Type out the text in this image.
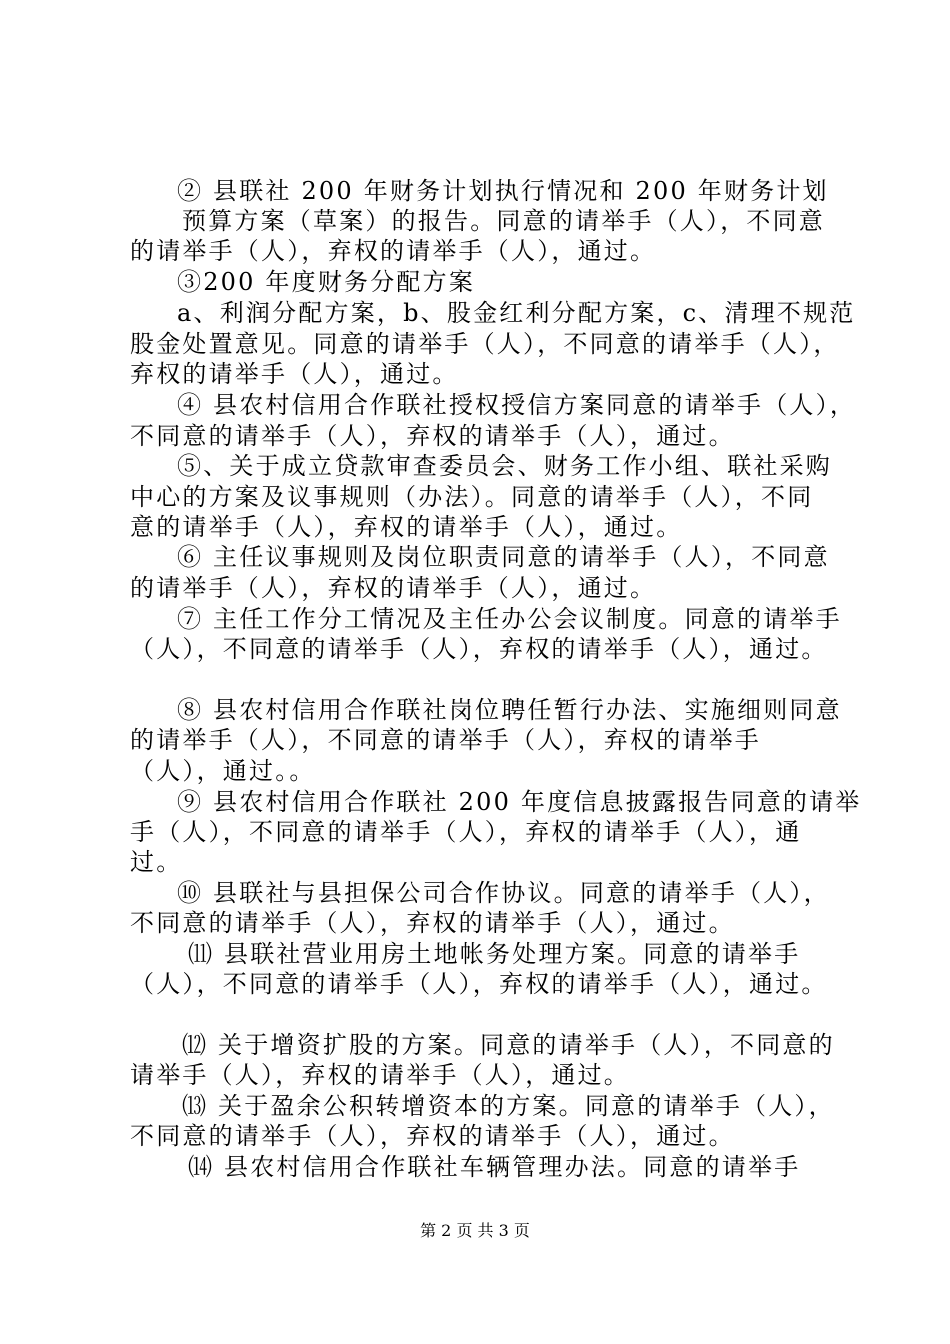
② 县联社 200 年财务计划执行情况和 200 年财务计划
预算方案（草案）的报告。同意的请举手（人），不同意
的请举手（人），弃权的请举手（人），通过。
③200 年度财务分配方案
a、利润分配方案，b、股金红利分配方案，c、清理不规范
股金处置意见。同意的请举手（人），不同意的请举手（人），
弃权的请举手（人），通过。
④ 县农村信用合作联社授权授信方案同意的请举手（人），
不同意的请举手（人），弃权的请举手（人），通过。
⑤、关于成立贷款审查委员会、财务工作小组、联社采购
中心的方案及议事规则（办法）。同意的请举手（人），不同
意的请举手（人），弃权的请举手（人），通过。
⑥ 主任议事规则及岗位职责同意的请举手（人），不同意
的请举手（人），弃权的请举手（人），通过。
⑦ 主任工作分工情况及主任办公会议制度。同意的请举手
（人），不同意的请举手（人），弃权的请举手（人），通过。
⑧ 县农村信用合作联社岗位聘任暂行办法、实施细则同意
的请举手（人），不同意的请举手（人），弃权的请举手
（人），通过。。
⑨ 县农村信用合作联社 200 年度信息披露报告同意的请举
手（人），不同意的请举手（人），弃权的请举手（人），通
过。
⑩ 县联社与县担保公司合作协议。同意的请举手（人），
不同意的请举手（人），弃权的请举手（人），通过。
⑾ 县联社营业用房土地帐务处理方案。同意的请举手
（人），不同意的请举手（人），弃权的请举手（人），通过。
⑿ 关于增资扩股的方案。同意的请举手（人），不同意的
请举手（人），弃权的请举手（人），通过。
⒀ 关于盈余公积转增资本的方案。同意的请举手（人），
不同意的请举手（人），弃权的请举手（人），通过。
⒁ 县农村信用合作联社车辆管理办法。同意的请举手
第 2 页 共 3 页
